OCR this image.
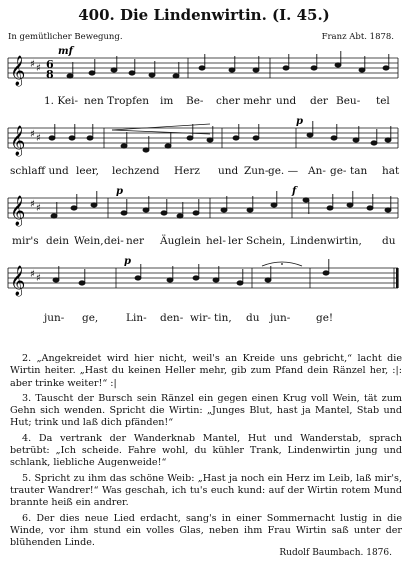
400. Die Lindenwirtin. (I. 45.)
In gemütlicher Bewegung.	Franz Abt. 1878.
𝄞 ♯ ♯ 6
8
mf
1. Kei- nen Tropfen im Be- cher mehr und der Beu- tel
𝄞 ♯ ♯
p
schlaff und leer, lechzend Herz und Zun- ge. — An- ge- tan hat
𝄞 ♯ ♯
p	f
mir's dein Wein, dei- ner Äuglein hel- ler Schein, Lindenwirtin, du
𝄞 ♯ ♯
p
jun- ge,	Lin- den- wir- tin, du jun- ge!

2. „Angekreidet wird hier nicht, weil's an Kreide uns gebricht,“ lacht die Wirtin heiter. „Hast du keinen Heller mehr, gib zum Pfand dein Ränzel her, :|: aber trinke weiter!“ :|

3. Tauscht der Bursch sein Ränzel ein gegen einen Krug voll Wein, tät zum Gehn sich wenden. Spricht die Wirtin: „Junges Blut, hast ja Mantel, Stab und Hut; trink und laß dich pfänden!“

4. Da vertrank der Wanderknab Mantel, Hut und Wanderstab, sprach betrübt: „Ich scheide. Fahre wohl, du kühler Trank, Lindenwirtin jung und schlank, liebliche Augenweide!“

5. Spricht zu ihm das schöne Weib: „Hast ja noch ein Herz im Leib, laß mir's, trauter Wandrer!“ Was geschah, ich tu's euch kund: auf der Wirtin rotem Mund brannte heiß ein andrer.

6. Der dies neue Lied erdacht, sang's in einer Sommernacht lustig in die Winde, vor ihm stund ein volles Glas, neben ihm Frau Wirtin saß unter der blühenden Linde.

Rudolf Baumbach. 1876.
